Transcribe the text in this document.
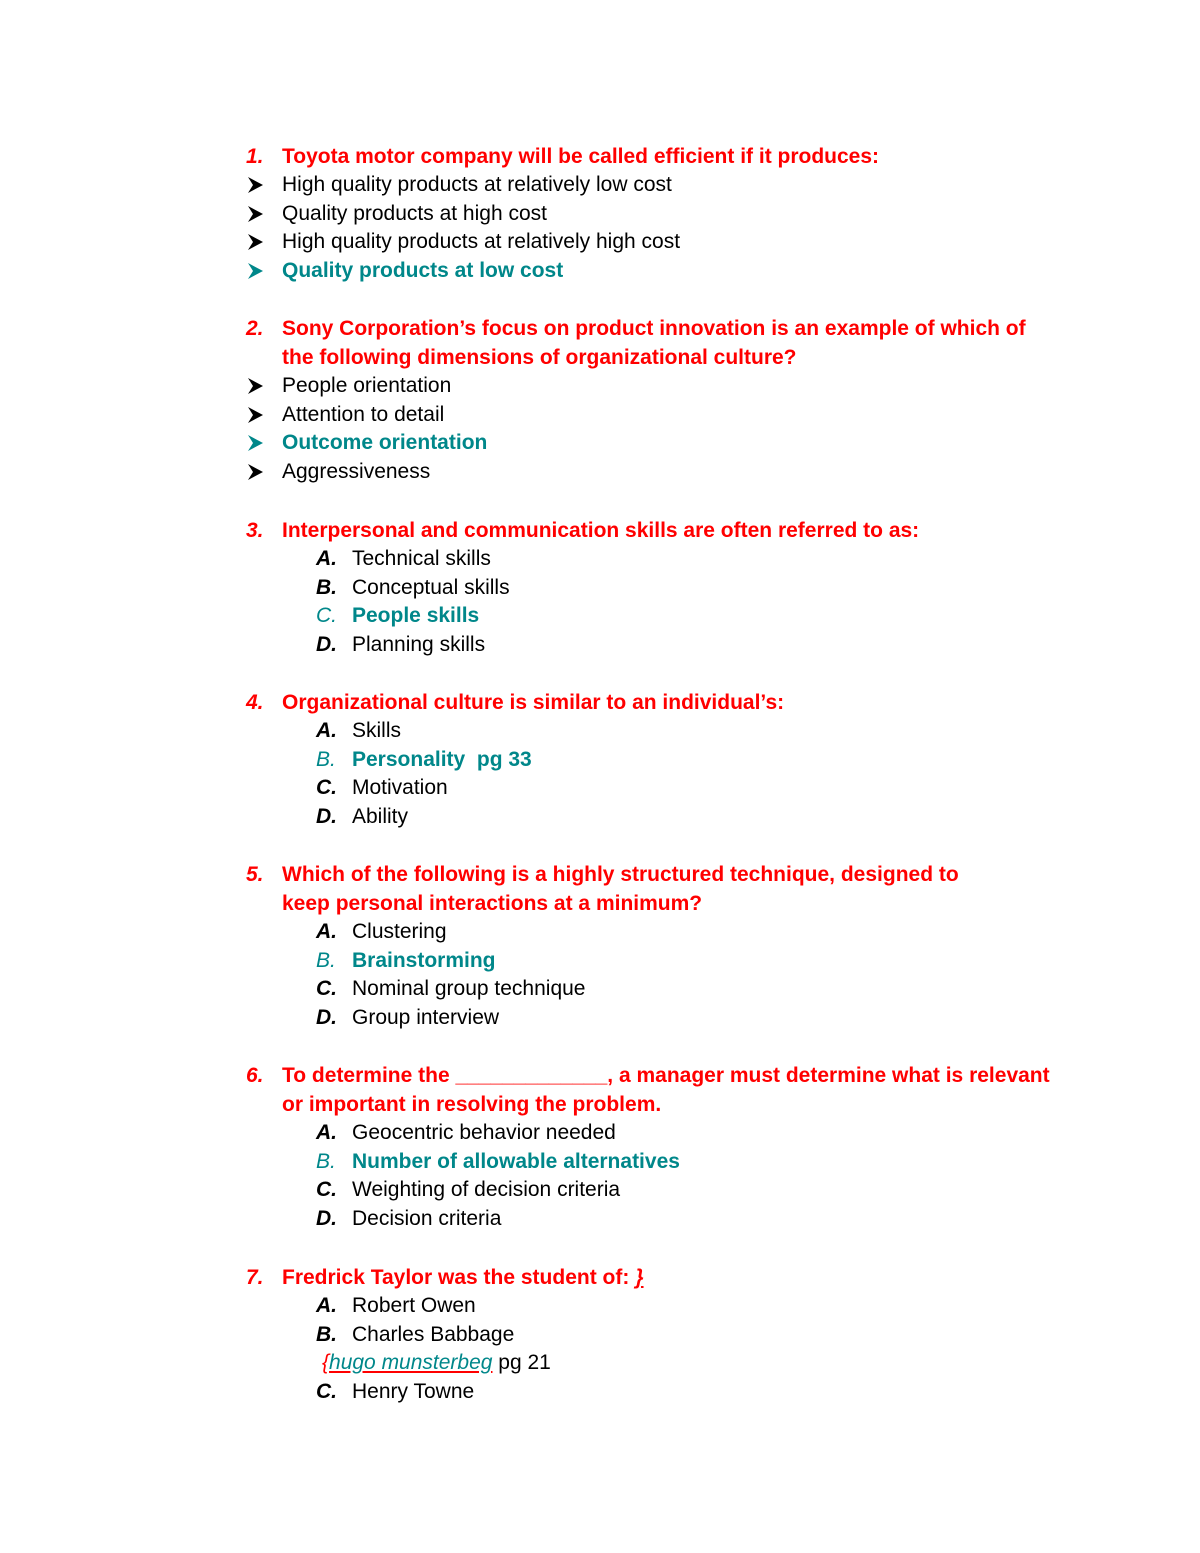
1. Toyota motor company will be called efficient if it produces:
High quality products at relatively low cost
Quality products at high cost
High quality products at relatively high cost
Quality products at low cost
2. Sony Corporation’s focus on product innovation is an example of which of the following dimensions of organizational culture?
People orientation
Attention to detail
Outcome orientation
Aggressiveness
3. Interpersonal and communication skills are often referred to as:
A. Technical skills
B. Conceptual skills
C. People skills
D. Planning skills
4. Organizational culture is similar to an individual’s:
A. Skills
B. Personality  pg 33
C. Motivation
D. Ability
5. Which of the following is a highly structured technique, designed to keep personal interactions at a minimum?
A. Clustering
B. Brainstorming
C. Nominal group technique
D. Group interview
6. To determine the _____________, a manager must determine what is relevant or important in resolving the problem.
A. Geocentric behavior needed
B. Number of allowable alternatives
C. Weighting of decision criteria
D. Decision criteria
7. Fredrick Taylor was the student of: }
A. Robert Owen
B. Charles Babbage
{ hugo munsterbeg pg 21
C. Henry Towne
